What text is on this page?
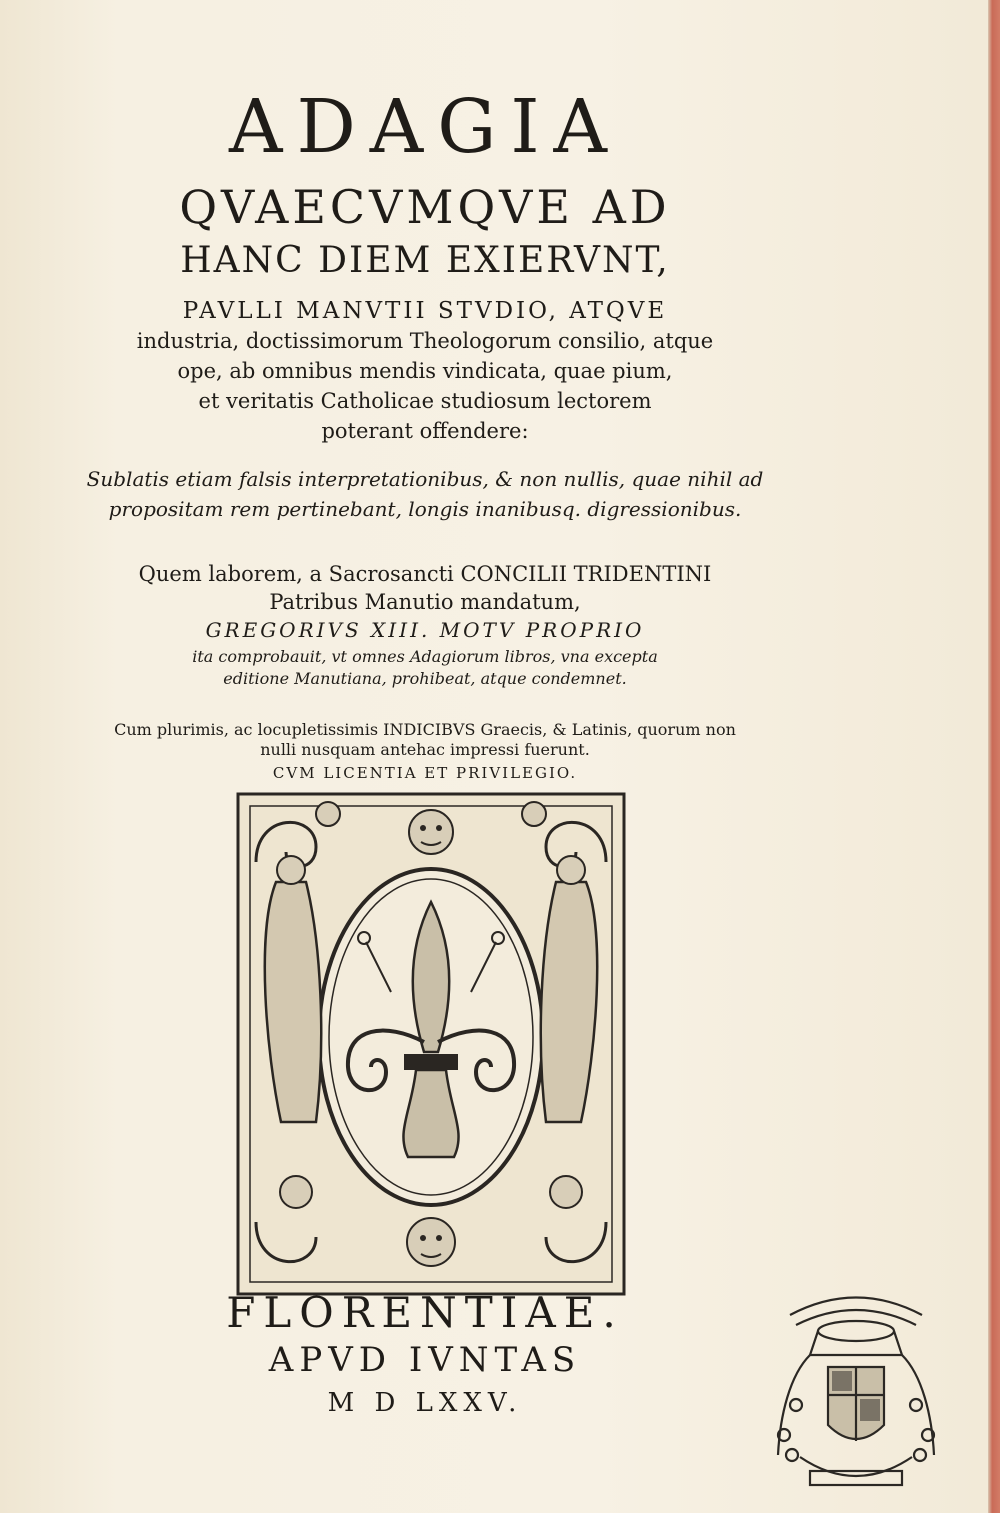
ADAGIA
QVAECVMQVE AD
HANC DIEM EXIERVNT,
PAVLLI MANVTII STVDIO, ATQVE
industria, doctissimorum Theologorum consilio, atque
ope, ab omnibus mendis vindicata, quae pium,
et veritatis Catholicae studiosum lectorem
poterant offendere:
Sublatis etiam falsis interpretationibus, & non nullis, quae nihil ad
propositam rem pertinebant, longis inanibusq. digressionibus.
Quem laborem, a Sacrosancti CONCILII TRIDENTINI
Patribus Manutio mandatum,
GREGORIVS XIII. MOTV PROPRIO
ita comprobauit, vt omnes Adagiorum libros, vna excepta
editione Manutiana, prohibeat, atque condemnet.
Cum plurimis, ac locupletissimis INDICIBVS Graecis, & Latinis, quorum non
nulli nusquam antehac impressi fuerunt.
CVM LICENTIA ET PRIVILEGIO.
FLORENTIAE.
APVD IVNTAS
M D LXXV.
